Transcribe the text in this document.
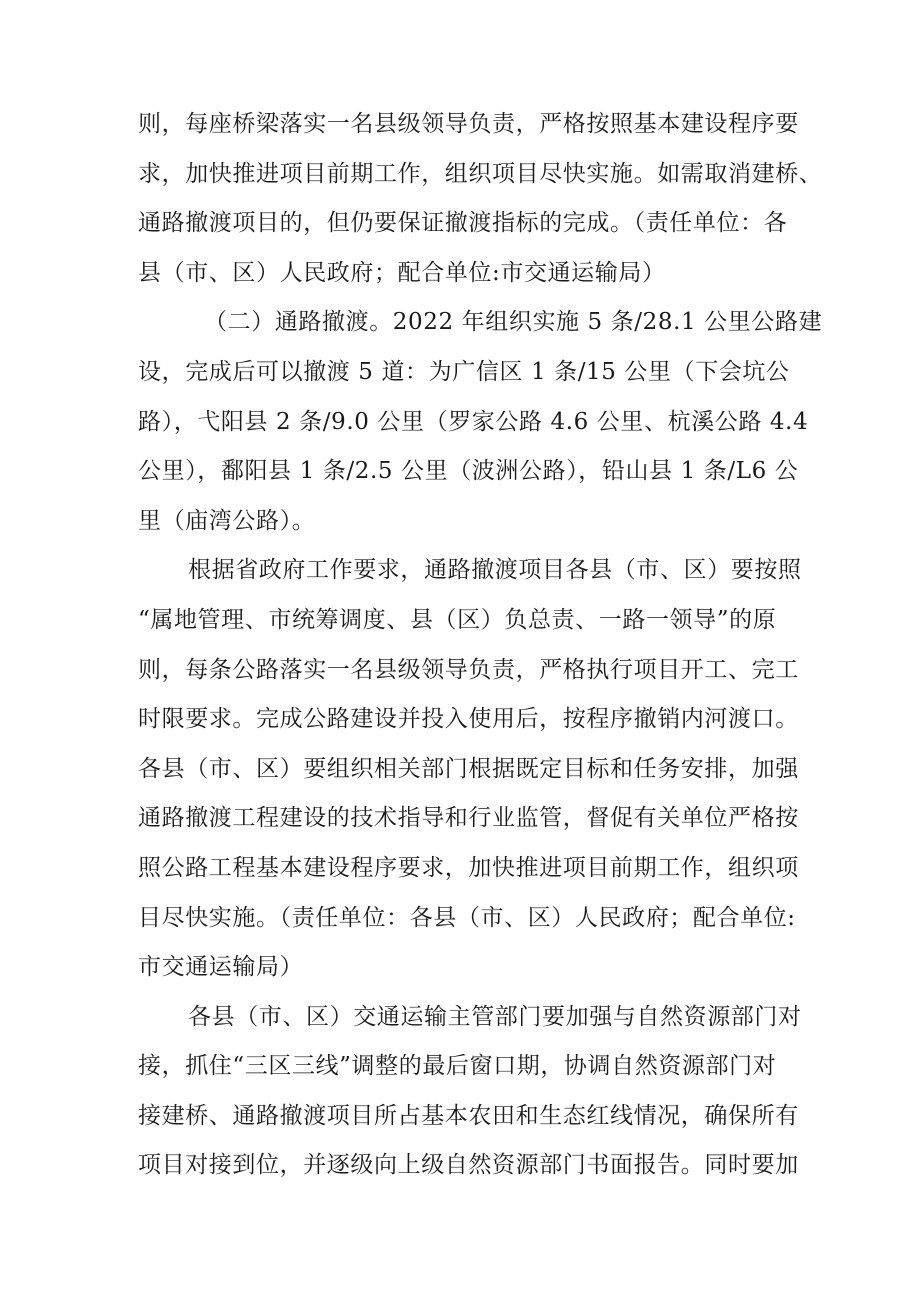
则，每座桥梁落实一名县级领导负责，严格按照基本建设程序要
求，加快推进项目前期工作，组织项目尽快实施。如需取消建桥、
通路撤渡项目的，但仍要保证撤渡指标的完成。（责任单位：各
县（市、区）人民政府；配合单位:市交通运输局）
（二）通路撤渡。2022 年组织实施 5 条/28.1 公里公路建
设，完成后可以撤渡 5 道：为广信区 1 条/15 公里（下会坑公
路），弋阳县 2 条/9.0 公里（罗家公路 4.6 公里、杭溪公路 4.4
公里），鄱阳县 1 条/2.5 公里（波洲公路），铅山县 1 条/L6 公
里（庙湾公路）。
根据省政府工作要求，通路撤渡项目各县（市、区）要按照
“属地管理、市统筹调度、县（区）负总责、一路一领导”的原
则，每条公路落实一名县级领导负责，严格执行项目开工、完工
时限要求。完成公路建设并投入使用后，按程序撤销内河渡口。
各县（市、区）要组织相关部门根据既定目标和任务安排，加强
通路撤渡工程建设的技术指导和行业监管，督促有关单位严格按
照公路工程基本建设程序要求，加快推进项目前期工作，组织项
目尽快实施。（责任单位：各县（市、区）人民政府；配合单位:
市交通运输局）
各县（市、区）交通运输主管部门要加强与自然资源部门对
接，抓住“三区三线”调整的最后窗口期，协调自然资源部门对
接建桥、通路撤渡项目所占基本农田和生态红线情况，确保所有
项目对接到位，并逐级向上级自然资源部门书面报告。同时要加
